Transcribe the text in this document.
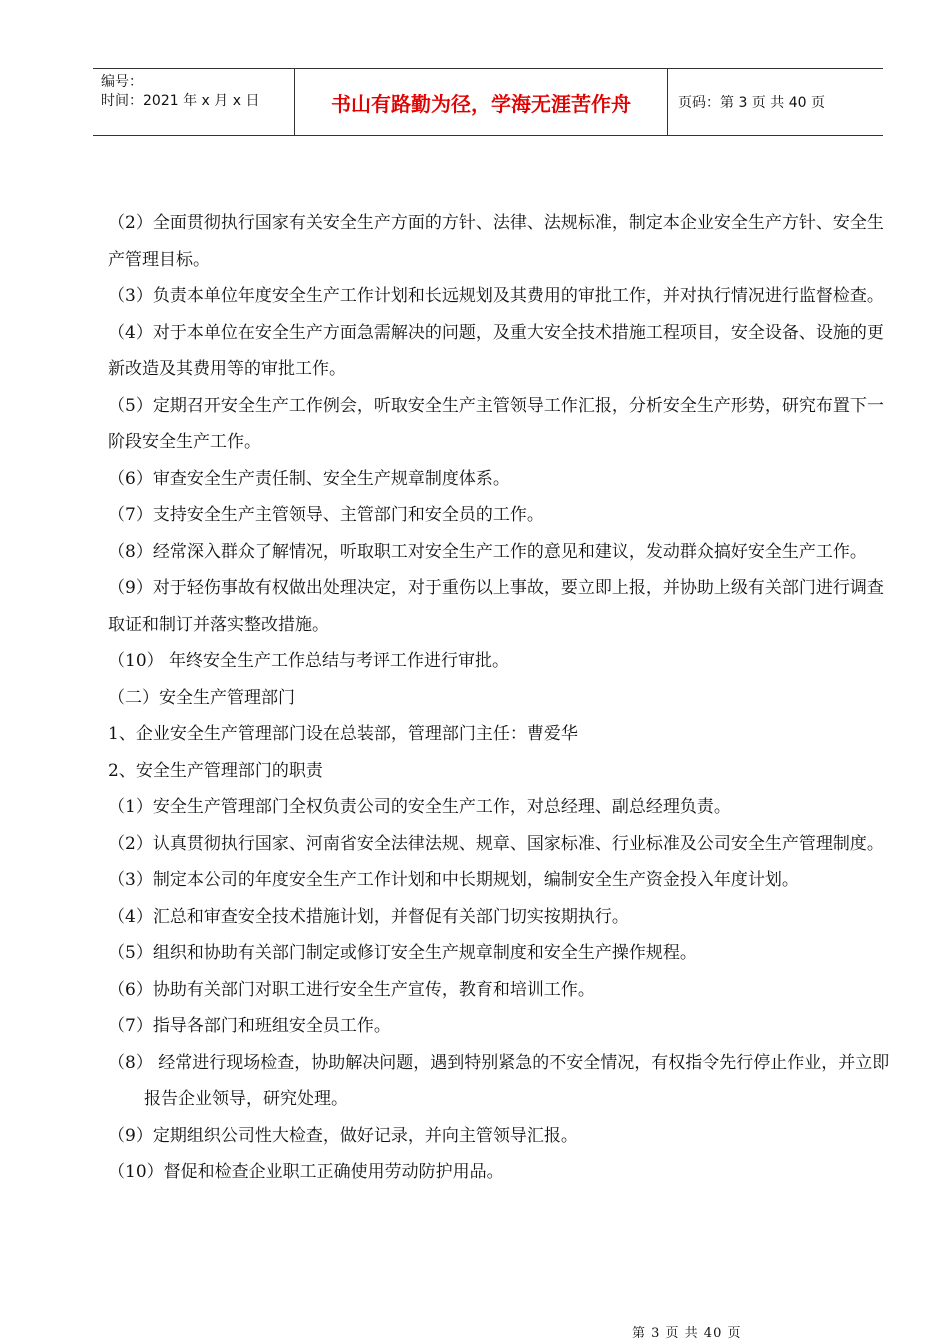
编号：
时间：2021 年 x 月 x 日	书山有路勤为径，学海无涯苦作舟	页码：第 3 页 共 40 页

（2）全面贯彻执行国家有关安全生产方面的方针、法律、法规标准，制定本企业安全生产方针、安全生产管理目标。

（3）负责本单位年度安全生产工作计划和长远规划及其费用的审批工作，并对执行情况进行监督检查。

（4）对于本单位在安全生产方面急需解决的问题，及重大安全技术措施工程项目，安全设备、设施的更新改造及其费用等的审批工作。

（5）定期召开安全生产工作例会，听取安全生产主管领导工作汇报，分析安全生产形势，研究布置下一阶段安全生产工作。

（6）审查安全生产责任制、安全生产规章制度体系。

（7）支持安全生产主管领导、主管部门和安全员的工作。

（8）经常深入群众了解情况，听取职工对安全生产工作的意见和建议，发动群众搞好安全生产工作。

（9）对于轻伤事故有权做出处理决定，对于重伤以上事故，要立即上报，并协助上级有关部门进行调查取证和制订并落实整改措施。

（10） 年终安全生产工作总结与考评工作进行审批。

（二）安全生产管理部门

1、企业安全生产管理部门设在总装部，管理部门主任：曹爱华

2、安全生产管理部门的职责

（1）安全生产管理部门全权负责公司的安全生产工作，对总经理、副总经理负责。

（2）认真贯彻执行国家、河南省安全法律法规、规章、国家标准、行业标准及公司安全生产管理制度。

（3）制定本公司的年度安全生产工作计划和中长期规划，编制安全生产资金投入年度计划。

（4）汇总和审查安全技术措施计划，并督促有关部门切实按期执行。

（5）组织和协助有关部门制定或修订安全生产规章制度和安全生产操作规程。

（6）协助有关部门对职工进行安全生产宣传，教育和培训工作。

（7）指导各部门和班组安全员工作。

（8） 经常进行现场检查，协助解决问题，遇到特别紧急的不安全情况，有权指令先行停止作业，并立即报告企业领导，研究处理。

（9）定期组织公司性大检查，做好记录，并向主管领导汇报。

（10）督促和检查企业职工正确使用劳动防护用品。

第 3 页 共 40 页
